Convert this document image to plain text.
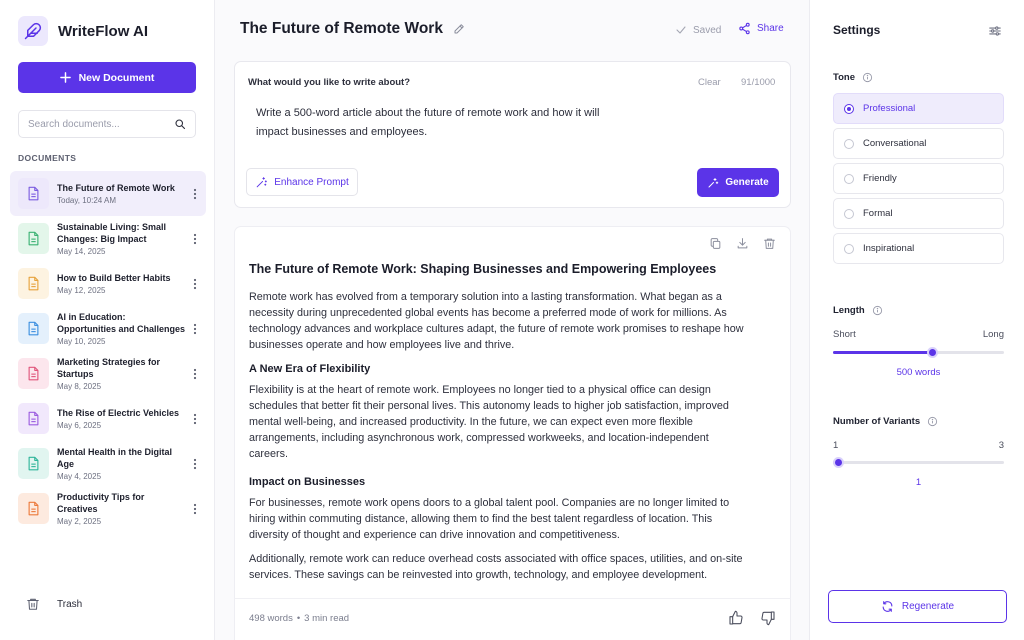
WriteFlow AI
New Document
Search documents...
DOCUMENTS
The Future of Remote Work
Today, 10:24 AM
Sustainable Living: Small Changes: Big Impact
May 14, 2025
How to Build Better Habits
May 12, 2025
AI in Education: Opportunities and Challenges
May 10, 2025
Marketing Strategies for Startups
May 8, 2025
The Rise of Electric Vehicles
May 6, 2025
Mental Health in the Digital Age
May 4, 2025
Productivity Tips for Creatives
May 2, 2025
Trash
The Future of Remote Work	Saved	Share
What would you like to write about?	Clear 91/1000
Write a 500-word article about the future of remote work and how it will impact businesses and employees.
Enhance Prompt	Generate
The Future of Remote Work: Shaping Businesses and Empowering Employees

Remote work has evolved from a temporary solution into a lasting transformation. What began as a necessity during unprecedented global events has become a preferred mode of work for millions. As technology advances and workplace cultures adapt, the future of remote work promises to reshape how businesses operate and how employees live and thrive.

A New Era of Flexibility

Flexibility is at the heart of remote work. Employees no longer tied to a physical office can design schedules that better fit their personal lives. This autonomy leads to higher job satisfaction, improved mental well-being, and increased productivity. In the future, we can expect even more flexible arrangements, including asynchronous work, compressed workweeks, and location-independent careers.

Impact on Businesses

For businesses, remote work opens doors to a global talent pool. Companies are no longer limited to hiring within commuting distance, allowing them to find the best talent regardless of location. This diversity of thought and experience can drive innovation and competitiveness.

Additionally, remote work can reduce overhead costs associated with office spaces, utilities, and on-site services. These savings can be reinvested into growth, technology, and employee development.

498 words • 3 min read
Settings
Tone
Professional
Conversational
Friendly
Formal
Inspirational
Length
Short	Long
500 words
Number of Variants
1	3
1
Regenerate
